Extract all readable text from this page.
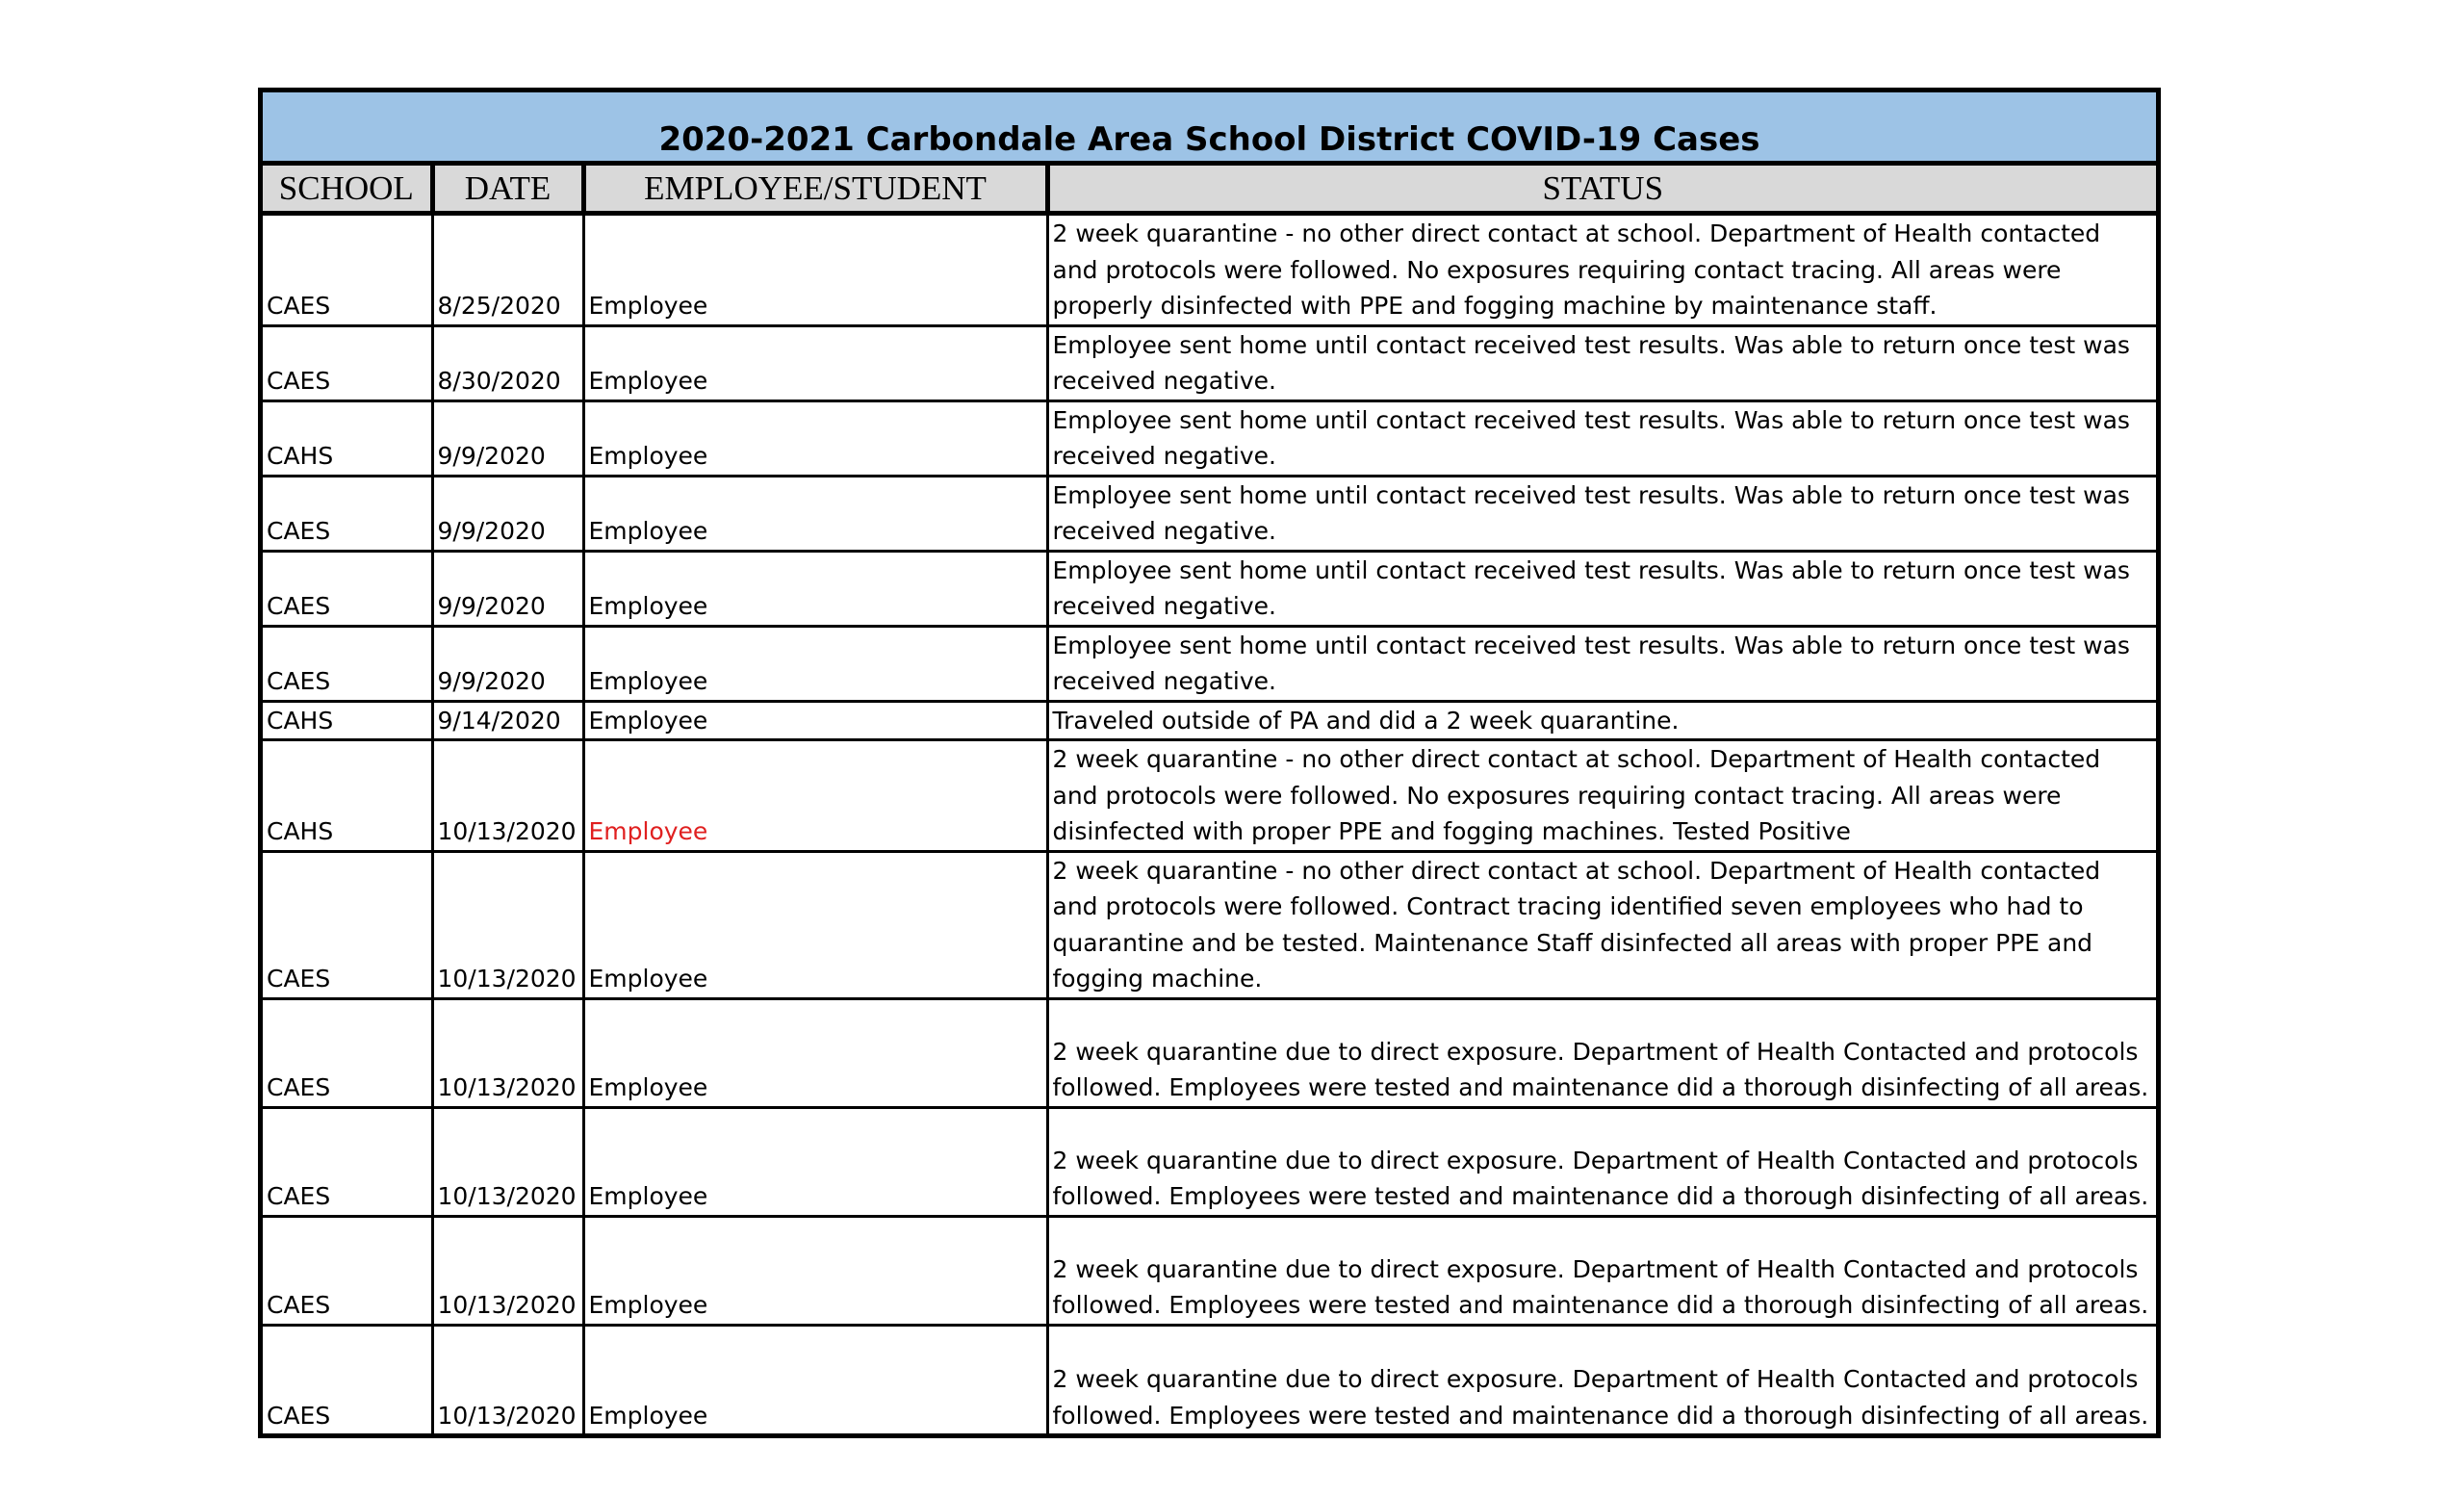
2020-2021 Carbondale Area School District COVID-19 Cases
SCHOOL	DATE	EMPLOYEE/STUDENT	STATUS
CAES	8/25/2020	Employee	2 week quarantine - no other direct contact at school. Department of Health contacted and protocols were followed. No exposures requiring contact tracing. All areas were properly disinfected with PPE and fogging machine by maintenance staff.
CAES	8/30/2020	Employee	Employee sent home until contact received test results. Was able to return once test was received negative.
CAHS	9/9/2020	Employee	Employee sent home until contact received test results. Was able to return once test was received negative.
CAES	9/9/2020	Employee	Employee sent home until contact received test results. Was able to return once test was received negative.
CAES	9/9/2020	Employee	Employee sent home until contact received test results. Was able to return once test was received negative.
CAES	9/9/2020	Employee	Employee sent home until contact received test results. Was able to return once test was received negative.
CAHS	9/14/2020	Employee	Traveled outside of PA and did a 2 week quarantine.
CAHS	10/13/2020	Employee	2 week quarantine - no other direct contact at school. Department of Health contacted and protocols were followed. No exposures requiring contact tracing. All areas were disinfected with proper PPE and fogging machines. Tested Positive
CAES	10/13/2020	Employee	2 week quarantine - no other direct contact at school. Department of Health contacted and protocols were followed. Contract tracing identified seven employees who had to quarantine and be tested. Maintenance Staff disinfected all areas with proper PPE and fogging machine.
CAES	10/13/2020	Employee	2 week quarantine due to direct exposure. Department of Health Contacted and protocols followed. Employees were tested and maintenance did a thorough disinfecting of all areas.
CAES	10/13/2020	Employee	2 week quarantine due to direct exposure. Department of Health Contacted and protocols followed. Employees were tested and maintenance did a thorough disinfecting of all areas.
CAES	10/13/2020	Employee	2 week quarantine due to direct exposure. Department of Health Contacted and protocols followed. Employees were tested and maintenance did a thorough disinfecting of all areas.
CAES	10/13/2020	Employee	2 week quarantine due to direct exposure. Department of Health Contacted and protocols followed. Employees were tested and maintenance did a thorough disinfecting of all areas.
